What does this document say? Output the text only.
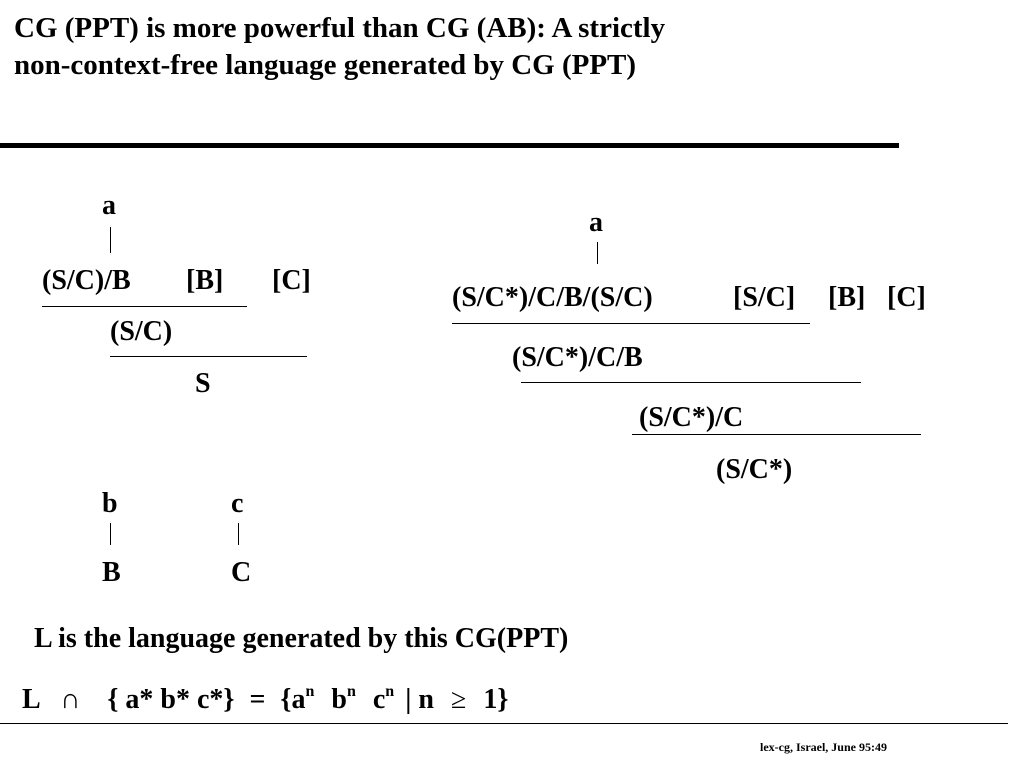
CG (PPT) is more powerful than CG (AB): A strictly
non-context-free language generated by CG (PPT)
a
(S/C)/B [B] [C]
(S/C)
S
a
(S/C*)/C/B/(S/C)	[S/C] [B] [C]
(S/C*)/C/B
(S/C*)/C
(S/C*)
b
B
c
C
L is the language generated by this CG(PPT)
L ∩ { a* b* $c*\} = \{a^n$ $b^n$ $c^n$ | n ≥ 1}
lex-cg, Israel, June 95:49
